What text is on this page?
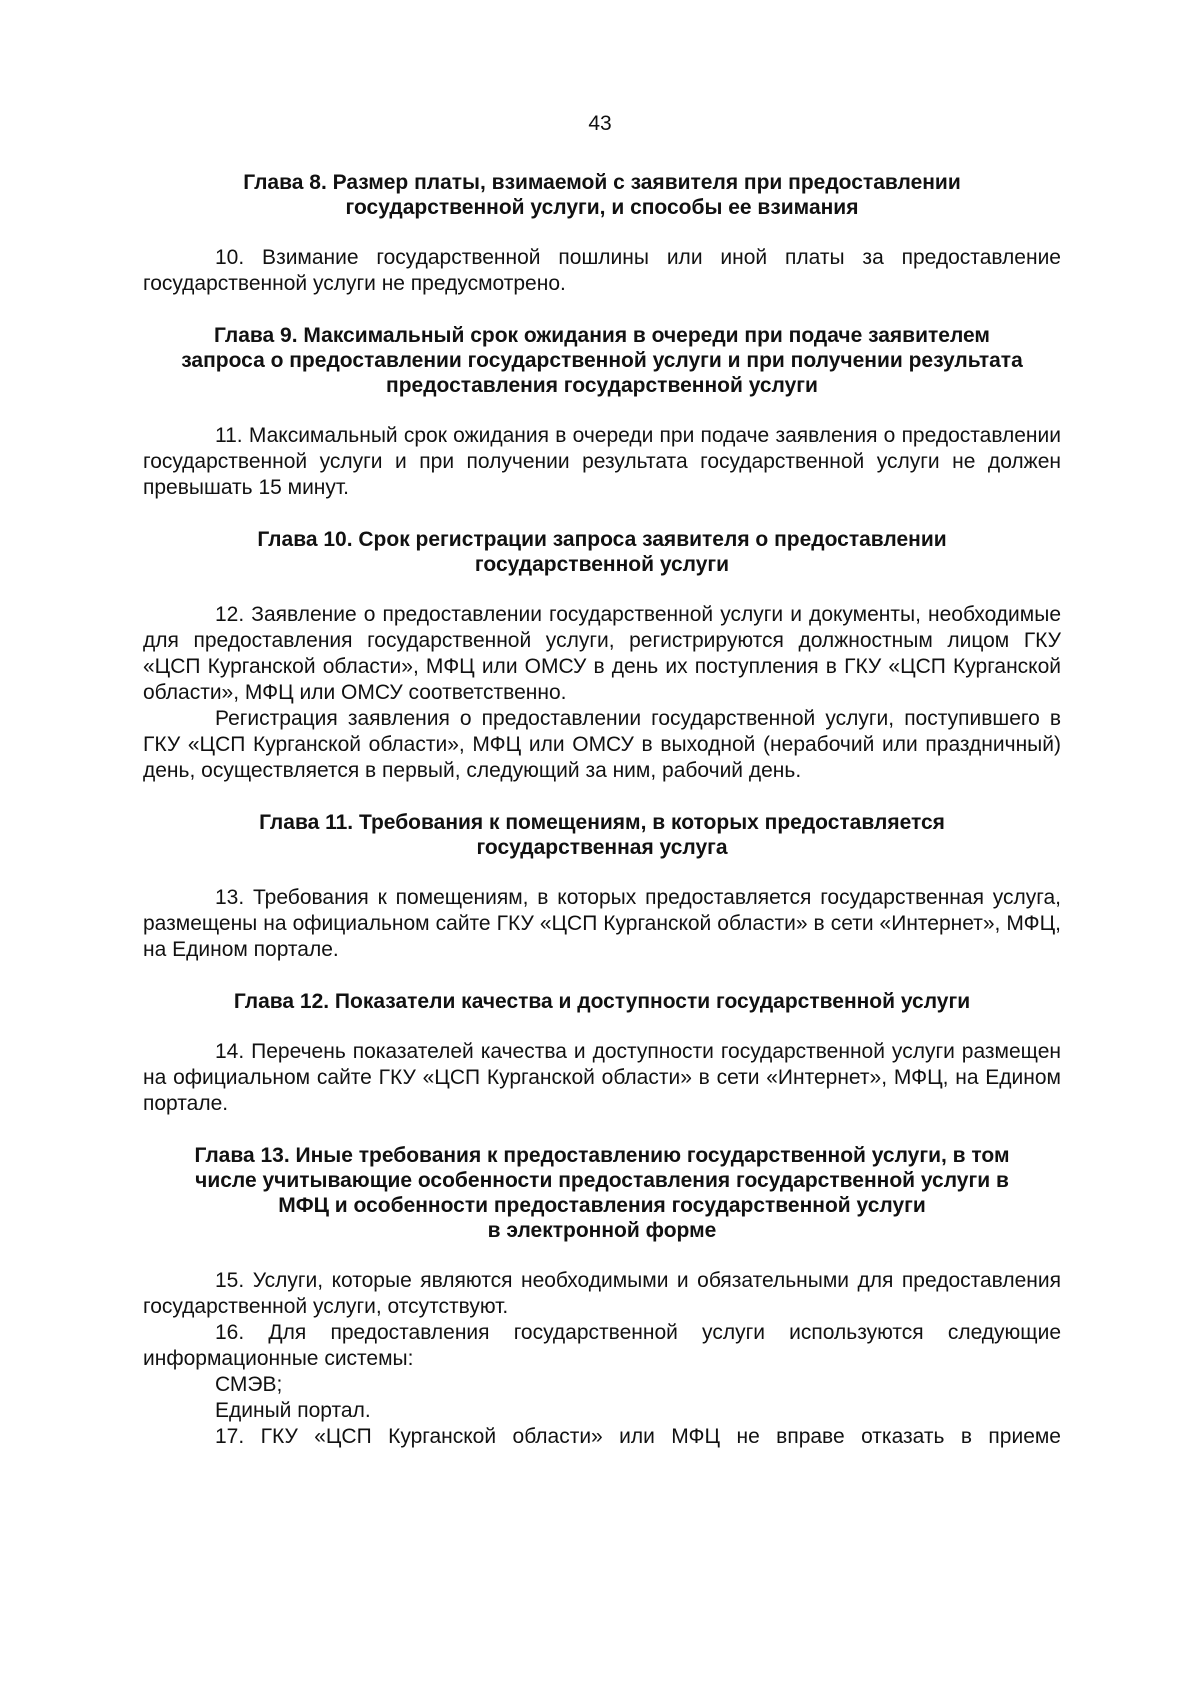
43
Глава 8. Размер платы, взимаемой с заявителя при предоставлении
государственной услуги, и способы ее взимания

10. Взимание государственной пошлины или иной платы за предоставление государственной услуги не предусмотрено.

Глава 9. Максимальный срок ожидания в очереди при подаче заявителем
запроса о предоставлении государственной услуги и при получении результата
предоставления государственной услуги

11. Максимальный срок ожидания в очереди при подаче заявления о предоставлении государственной услуги и при получении результата государственной услуги не должен превышать 15 минут.

Глава 10. Срок регистрации запроса заявителя о предоставлении
государственной услуги

12. Заявление о предоставлении государственной услуги и документы, необходимые для предоставления государственной услуги, регистрируются должностным лицом ГКУ «ЦСП Курганской области», МФЦ или ОМСУ в день их поступления в ГКУ «ЦСП Курганской области», МФЦ или ОМСУ соответственно.

Регистрация заявления о предоставлении государственной услуги, поступившего в ГКУ «ЦСП Курганской области», МФЦ или ОМСУ в выходной (нерабочий или праздничный) день, осуществляется в первый, следующий за ним, рабочий день.

Глава 11. Требования к помещениям, в которых предоставляется
государственная услуга

13. Требования к помещениям, в которых предоставляется государственная услуга, размещены на официальном сайте ГКУ «ЦСП Курганской области» в сети «Интернет», МФЦ, на Едином портале.

Глава 12. Показатели качества и доступности государственной услуги

14. Перечень показателей качества и доступности государственной услуги размещен на официальном сайте ГКУ «ЦСП Курганской области» в сети «Интернет», МФЦ, на Едином портале.

Глава 13. Иные требования к предоставлению государственной услуги, в том
числе учитывающие особенности предоставления государственной услуги в
МФЦ и особенности предоставления государственной услуги
в электронной форме

15. Услуги, которые являются необходимыми и обязательными для предоставления государственной услуги, отсутствуют.

16. Для предоставления государственной услуги используются следующие информационные системы:

СМЭВ;

Единый портал.

17. ГКУ «ЦСП Курганской области» или МФЦ не вправе отказать в приеме
